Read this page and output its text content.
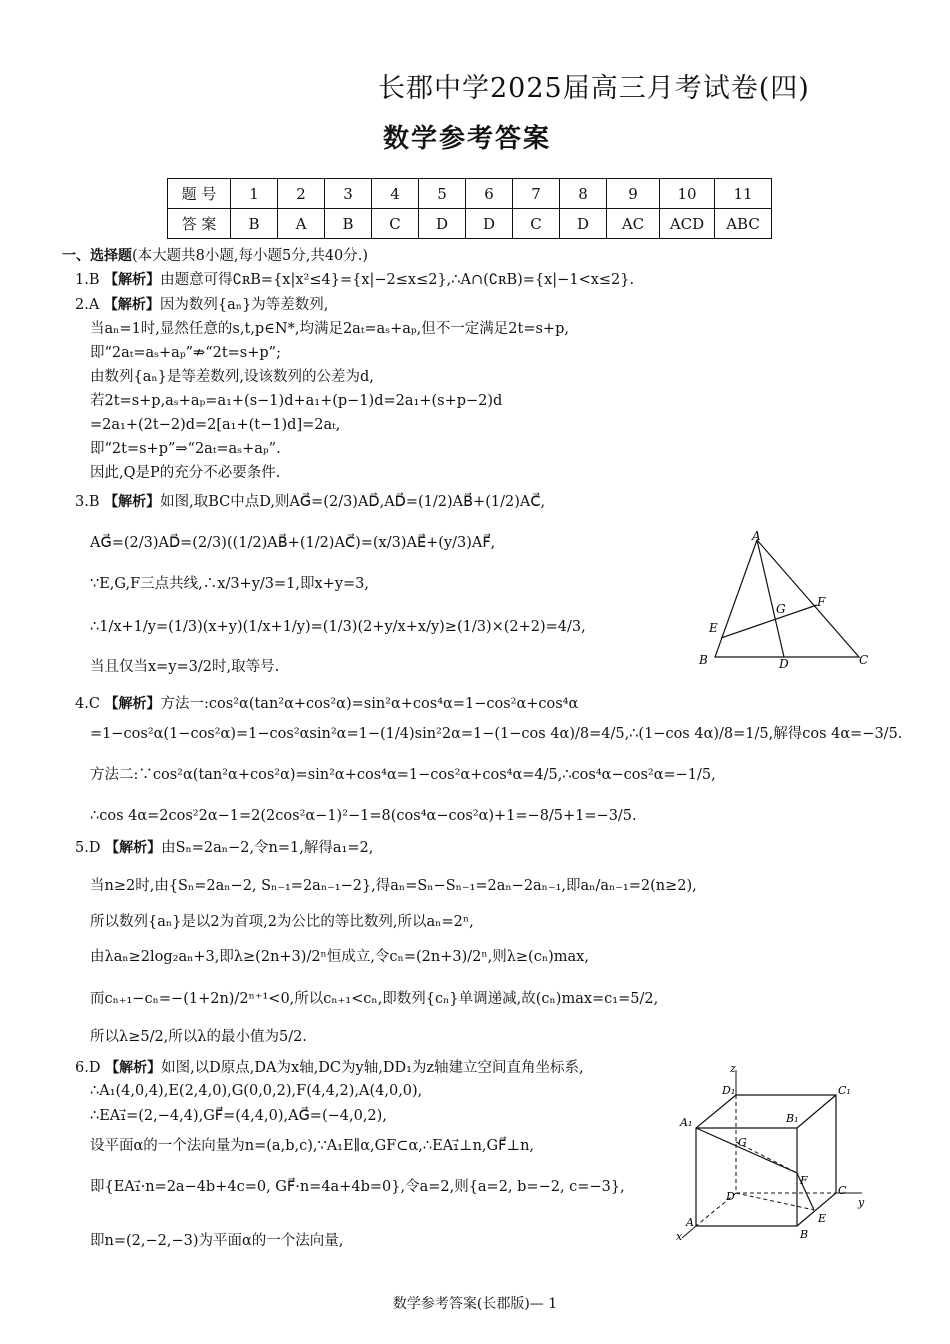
长郡中学2025届高三月考试卷(四)
数学参考答案
题 号	1	2	3	4	5	6	7	8	9	10	11
答 案	B	A	B	C	D	D	C	D	AC	ACD	ABC
一、选择题(本大题共8小题,每小题5分,共40分.)
1.B 【解析】由题意可得∁ʀB={x|x²≤4}={x|−2≤x≤2},∴A∩(∁ʀB)={x|−1<x≤2}.
2.A 【解析】因为数列{aₙ}为等差数列,
当aₙ=1时,显然任意的s,t,p∈N*,均满足2aₜ=aₛ+aₚ,但不一定满足2t=s+p,
即“2aₜ=aₛ+aₚ”⇏“2t=s+p”;
由数列{aₙ}是等差数列,设该数列的公差为d,
若2t=s+p,aₛ+aₚ=a₁+(s−1)d+a₁+(p−1)d=2a₁+(s+p−2)d
=2a₁+(2t−2)d=2[a₁+(t−1)d]=2aₜ,
即“2t=s+p”⇒“2aₜ=aₛ+aₚ”.
因此,Q是P的充分不必要条件.
3.B 【解析】如图,取BC中点D,则AG⃗=(2/3)AD⃗,AD⃗=(1/2)AB⃗+(1/2)AC⃗,
AG⃗=(2/3)AD⃗=(2/3)((1/2)AB⃗+(1/2)AC⃗)=(x/3)AE⃗+(y/3)AF⃗,
∵E,G,F三点共线,∴x/3+y/3=1,即x+y=3,
∴1/x+1/y=(1/3)(x+y)(1/x+1/y)=(1/3)(2+y/x+x/y)≥(1/3)×(2+2)=4/3,
当且仅当x=y=3/2时,取等号.
A
B	C
D
E
F
G
4.C 【解析】方法一:cos²α(tan²α+cos²α)=sin²α+cos⁴α=1−cos²α+cos⁴α
=1−cos²α(1−cos²α)=1−cos²αsin²α=1−(1/4)sin²2α=1−(1−cos 4α)/8=4/5,∴(1−cos 4α)/8=1/5,解得cos 4α=−3/5.
方法二:∵cos²α(tan²α+cos²α)=sin²α+cos⁴α=1−cos²α+cos⁴α=4/5,∴cos⁴α−cos²α=−1/5,
∴cos 4α=2cos²2α−1=2(2cos²α−1)²−1=8(cos⁴α−cos²α)+1=−8/5+1=−3/5.
5.D 【解析】由Sₙ=2aₙ−2,令n=1,解得a₁=2,
当n≥2时,由{Sₙ=2aₙ−2, Sₙ₋₁=2aₙ₋₁−2},得aₙ=Sₙ−Sₙ₋₁=2aₙ−2aₙ₋₁,即aₙ/aₙ₋₁=2(n≥2),
所以数列{aₙ}是以2为首项,2为公比的等比数列,所以aₙ=2ⁿ,
由λaₙ≥2log₂aₙ+3,即λ≥(2n+3)/2ⁿ恒成立,令cₙ=(2n+3)/2ⁿ,则λ≥(cₙ)max,
而cₙ₊₁−cₙ=−(1+2n)/2ⁿ⁺¹<0,所以cₙ₊₁<cₙ,即数列{cₙ}单调递减,故(cₙ)max=c₁=5/2,
所以λ≥5/2,所以λ的最小值为5/2.
6.D 【解析】如图,以D原点,DA为x轴,DC为y轴,DD₁为z轴建立空间直角坐标系,
∴A₁(4,0,4),E(2,4,0),G(0,0,2),F(4,4,2),A(4,0,0),
∴EA₁⃗=(2,−4,4),GF⃗=(4,4,0),AG⃗=(−4,0,2),
设平面α的一个法向量为n=(a,b,c),∵A₁E∥α,GF⊂α,∴EA₁⃗⊥n,GF⃗⊥n,
即{EA₁⃗·n=2a−4b+4c=0, GF⃗·n=4a+4b=0},令a=2,则{a=2, b=−2, c=−3},
即n=(2,−2,−3)为平面α的一个法向量,
z
y
x
D₁	C₁
A₁	B₁
G
F
D	C
A	E
B
数学参考答案(长郡版)— 1
